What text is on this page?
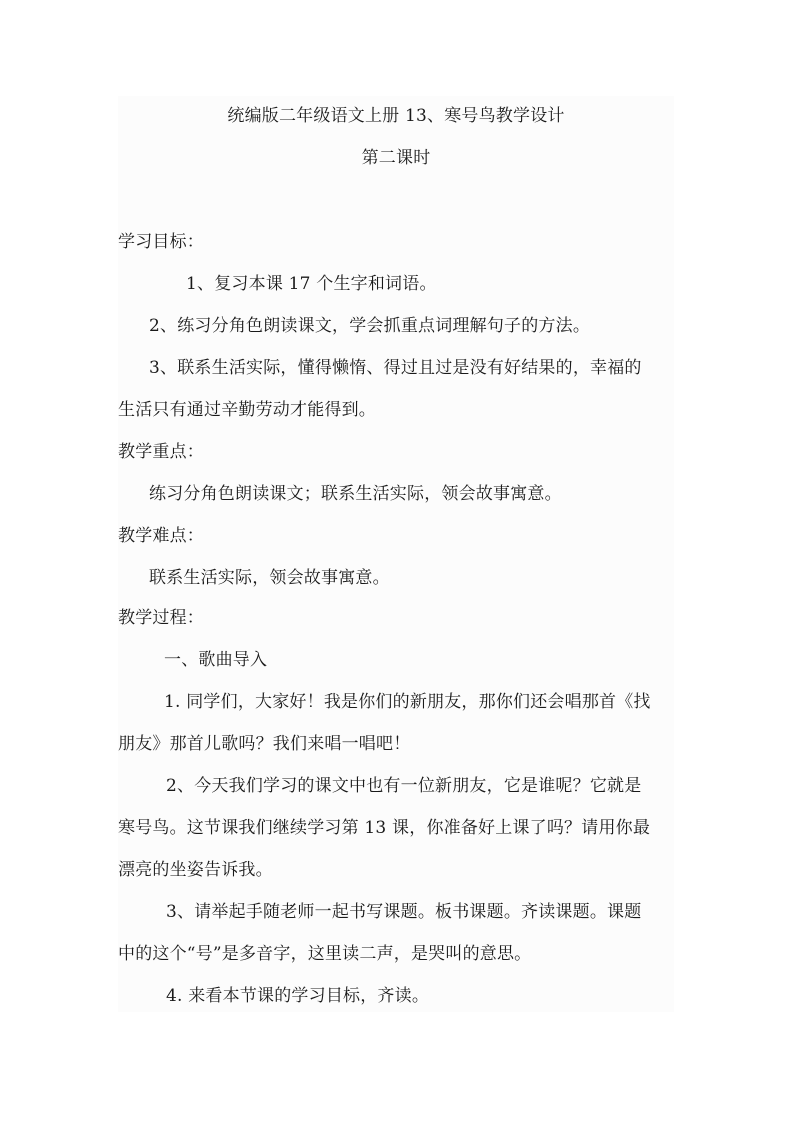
统编版二年级语文上册 13、寒号鸟教学设计
第二课时
学习目标：
1、复习本课 17 个生字和词语。
2、练习分角色朗读课文，学会抓重点词理解句子的方法。
3、联系生活实际，懂得懒惰、得过且过是没有好结果的，幸福的
生活只有通过辛勤劳动才能得到。
教学重点：
练习分角色朗读课文；联系生活实际，领会故事寓意。
教学难点：
联系生活实际，领会故事寓意。
教学过程：
一、歌曲导入
1. 同学们，大家好！我是你们的新朋友，那你们还会唱那首《找
朋友》那首儿歌吗？我们来唱一唱吧！
2、今天我们学习的课文中也有一位新朋友，它是谁呢？它就是
寒号鸟。这节课我们继续学习第 13 课，你准备好上课了吗？请用你最
漂亮的坐姿告诉我。
3、请举起手随老师一起书写课题。板书课题。齐读课题。课题
中的这个“号”是多音字，这里读二声，是哭叫的意思。
4. 来看本节课的学习目标，齐读。
